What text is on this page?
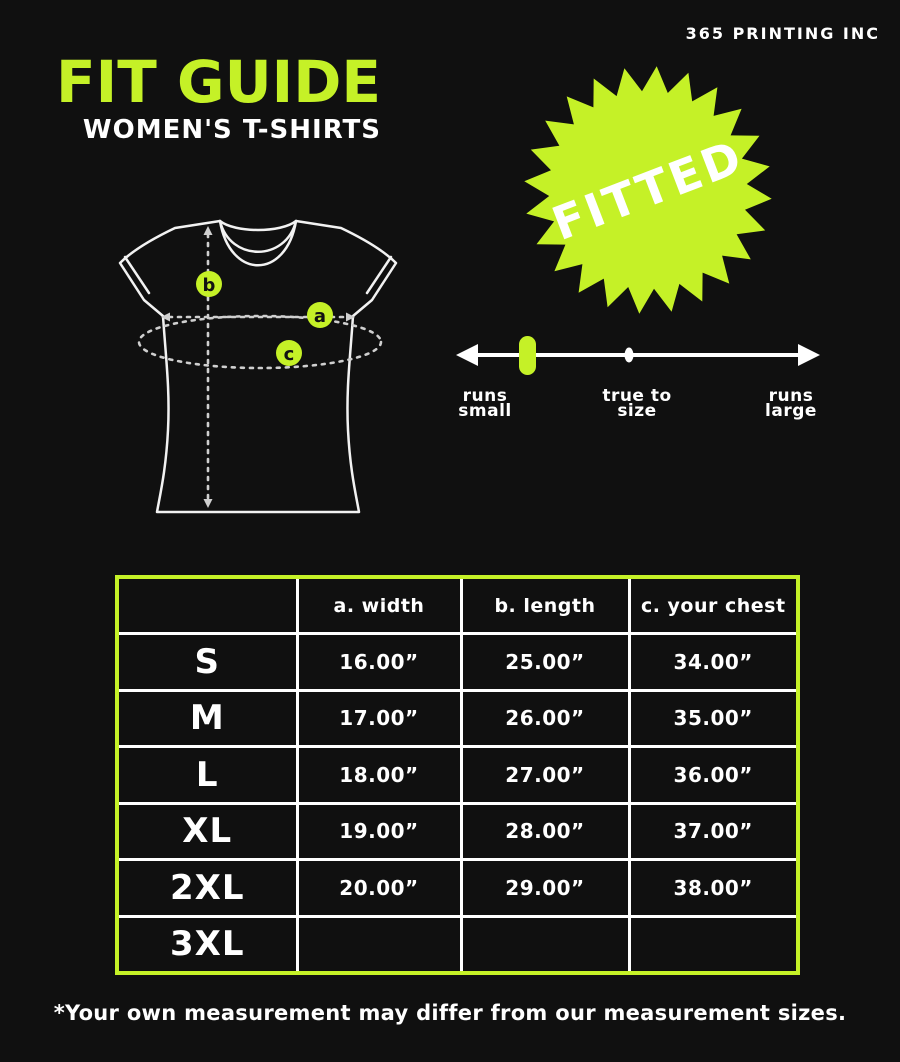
365 PRINTING INC
FIT GUIDE
WOMEN'S T-SHIRTS	FITTED
b
a
c
runs
small
true to
size
runs
large
	a. width	b. length	c. your chest
S	16.00”	25.00”	34.00”
M	17.00”	26.00”	35.00”
L	18.00”	27.00”	36.00”
XL	19.00”	28.00”	37.00”
2XL	20.00”	29.00”	38.00”
3XL			
*Your own measurement may differ from our measurement sizes.
